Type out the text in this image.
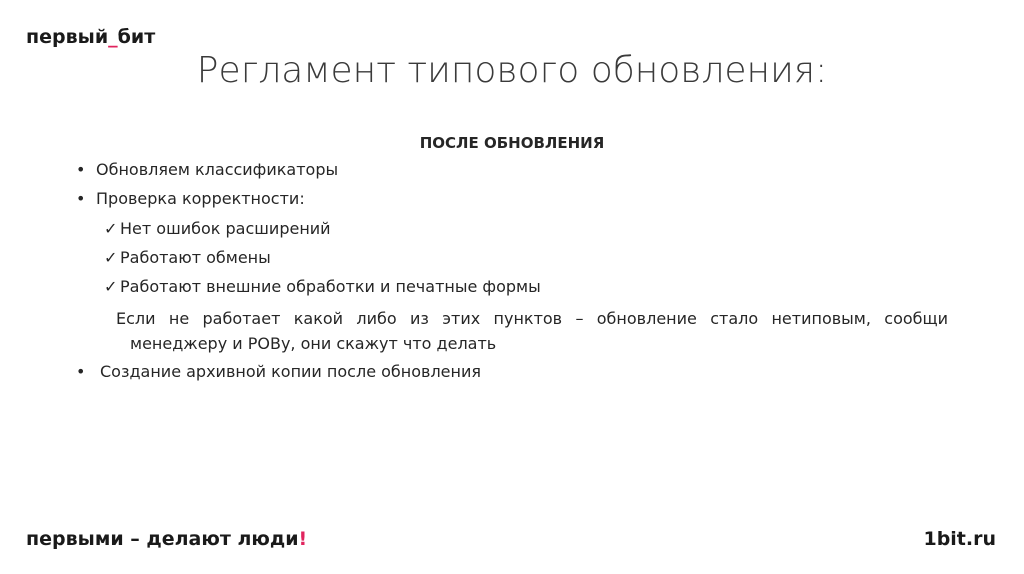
первый_бит
Регламент типового обновления:
ПОСЛЕ ОБНОВЛЕНИЯ
• Обновляем классификаторы
• Проверка корректности:
✓ Нет ошибок расширений
✓ Работают обмены
✓ Работают внешние обработки и печатные формы
Если не работает какой либо из этих пунктов – обновление стало нетиповым, сообщи
менеджеру и РОВу, они скажут что делать
• Создание архивной копии после обновления
первыми – делают люди!	1bit.ru
